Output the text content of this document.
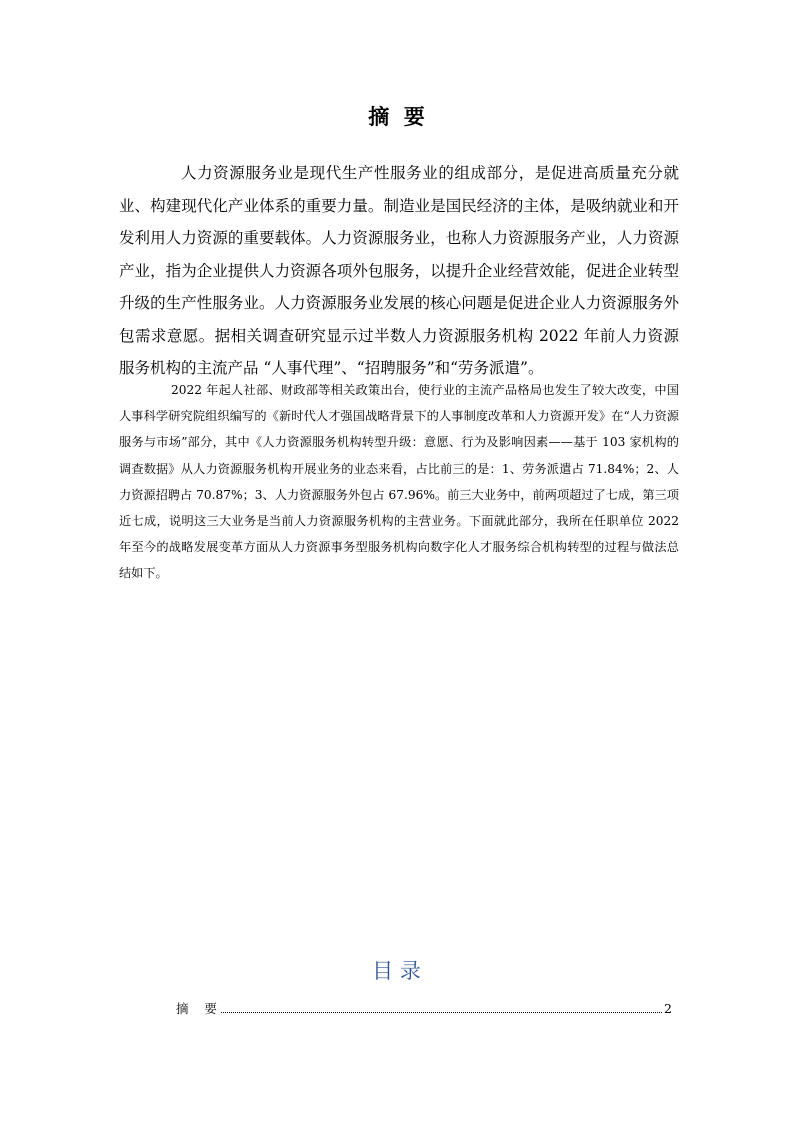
摘  要

人力资源服务业是现代生产性服务业的组成部分，是促进高质量充分就业、构建现代化产业体系的重要力量。制造业是国民经济的主体，是吸纳就业和开发利用人力资源的重要载体。人力资源服务业，也称人力资源服务产业，人力资源产业，指为企业提供人力资源各项外包服务，以提升企业经营效能，促进企业转型升级的生产性服务业。人力资源服务业发展的核心问题是促进企业人力资源服务外包需求意愿。据相关调查研究显示过半数人力资源服务机构 2022 年前人力资源服务机构的主流产品 “人事代理”、“招聘服务”和“劳务派遣”。

2022 年起人社部、财政部等相关政策出台，使行业的主流产品格局也发生了较大改变，中国人事科学研究院组织编写的《新时代人才强国战略背景下的人事制度改革和人力资源开发》在“人力资源服务与市场”部分，其中《人力资源服务机构转型升级：意愿、行为及影响因素——基于 103 家机构的调查数据》从人力资源服务机构开展业务的业态来看，占比前三的是：1、劳务派遣占 71.84%；2、人力资源招聘占 70.87%；3、人力资源服务外包占 67.96%。前三大业务中，前两项超过了七成，第三项近七成，说明这三大业务是当前人力资源服务机构的主营业务。下面就此部分，我所在任职单位 2022 年至今的战略发展变革方面从人力资源事务型服务机构向数字化人才服务综合机构转型的过程与做法总结如下。

目 录
摘    要	2
